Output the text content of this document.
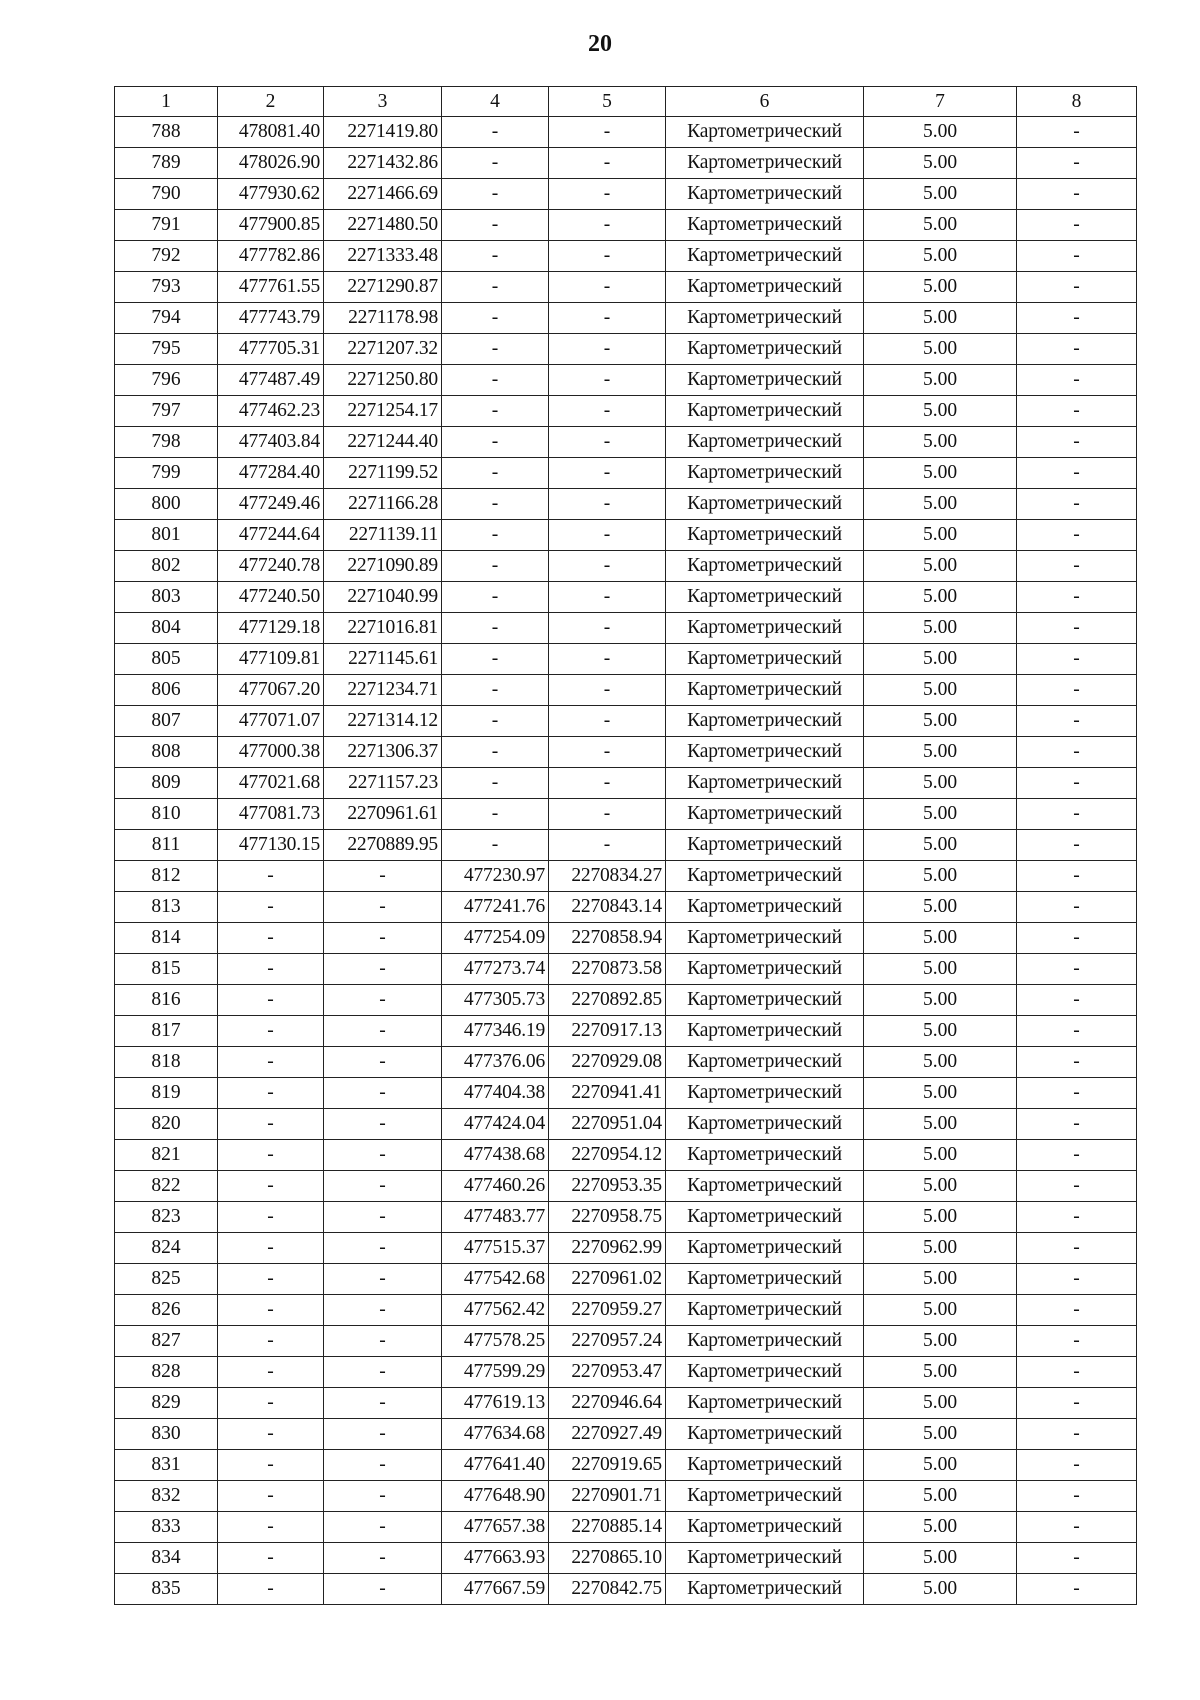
20
1	2	3	4	5	6	7	8
788	478081.40	2271419.80	-	-	Картометрический	5.00	-
789	478026.90	2271432.86	-	-	Картометрический	5.00	-
790	477930.62	2271466.69	-	-	Картометрический	5.00	-
791	477900.85	2271480.50	-	-	Картометрический	5.00	-
792	477782.86	2271333.48	-	-	Картометрический	5.00	-
793	477761.55	2271290.87	-	-	Картометрический	5.00	-
794	477743.79	2271178.98	-	-	Картометрический	5.00	-
795	477705.31	2271207.32	-	-	Картометрический	5.00	-
796	477487.49	2271250.80	-	-	Картометрический	5.00	-
797	477462.23	2271254.17	-	-	Картометрический	5.00	-
798	477403.84	2271244.40	-	-	Картометрический	5.00	-
799	477284.40	2271199.52	-	-	Картометрический	5.00	-
800	477249.46	2271166.28	-	-	Картометрический	5.00	-
801	477244.64	2271139.11	-	-	Картометрический	5.00	-
802	477240.78	2271090.89	-	-	Картометрический	5.00	-
803	477240.50	2271040.99	-	-	Картометрический	5.00	-
804	477129.18	2271016.81	-	-	Картометрический	5.00	-
805	477109.81	2271145.61	-	-	Картометрический	5.00	-
806	477067.20	2271234.71	-	-	Картометрический	5.00	-
807	477071.07	2271314.12	-	-	Картометрический	5.00	-
808	477000.38	2271306.37	-	-	Картометрический	5.00	-
809	477021.68	2271157.23	-	-	Картометрический	5.00	-
810	477081.73	2270961.61	-	-	Картометрический	5.00	-
811	477130.15	2270889.95	-	-	Картометрический	5.00	-
812	-	-	477230.97	2270834.27	Картометрический	5.00	-
813	-	-	477241.76	2270843.14	Картометрический	5.00	-
814	-	-	477254.09	2270858.94	Картометрический	5.00	-
815	-	-	477273.74	2270873.58	Картометрический	5.00	-
816	-	-	477305.73	2270892.85	Картометрический	5.00	-
817	-	-	477346.19	2270917.13	Картометрический	5.00	-
818	-	-	477376.06	2270929.08	Картометрический	5.00	-
819	-	-	477404.38	2270941.41	Картометрический	5.00	-
820	-	-	477424.04	2270951.04	Картометрический	5.00	-
821	-	-	477438.68	2270954.12	Картометрический	5.00	-
822	-	-	477460.26	2270953.35	Картометрический	5.00	-
823	-	-	477483.77	2270958.75	Картометрический	5.00	-
824	-	-	477515.37	2270962.99	Картометрический	5.00	-
825	-	-	477542.68	2270961.02	Картометрический	5.00	-
826	-	-	477562.42	2270959.27	Картометрический	5.00	-
827	-	-	477578.25	2270957.24	Картометрический	5.00	-
828	-	-	477599.29	2270953.47	Картометрический	5.00	-
829	-	-	477619.13	2270946.64	Картометрический	5.00	-
830	-	-	477634.68	2270927.49	Картометрический	5.00	-
831	-	-	477641.40	2270919.65	Картометрический	5.00	-
832	-	-	477648.90	2270901.71	Картометрический	5.00	-
833	-	-	477657.38	2270885.14	Картометрический	5.00	-
834	-	-	477663.93	2270865.10	Картометрический	5.00	-
835	-	-	477667.59	2270842.75	Картометрический	5.00	-
